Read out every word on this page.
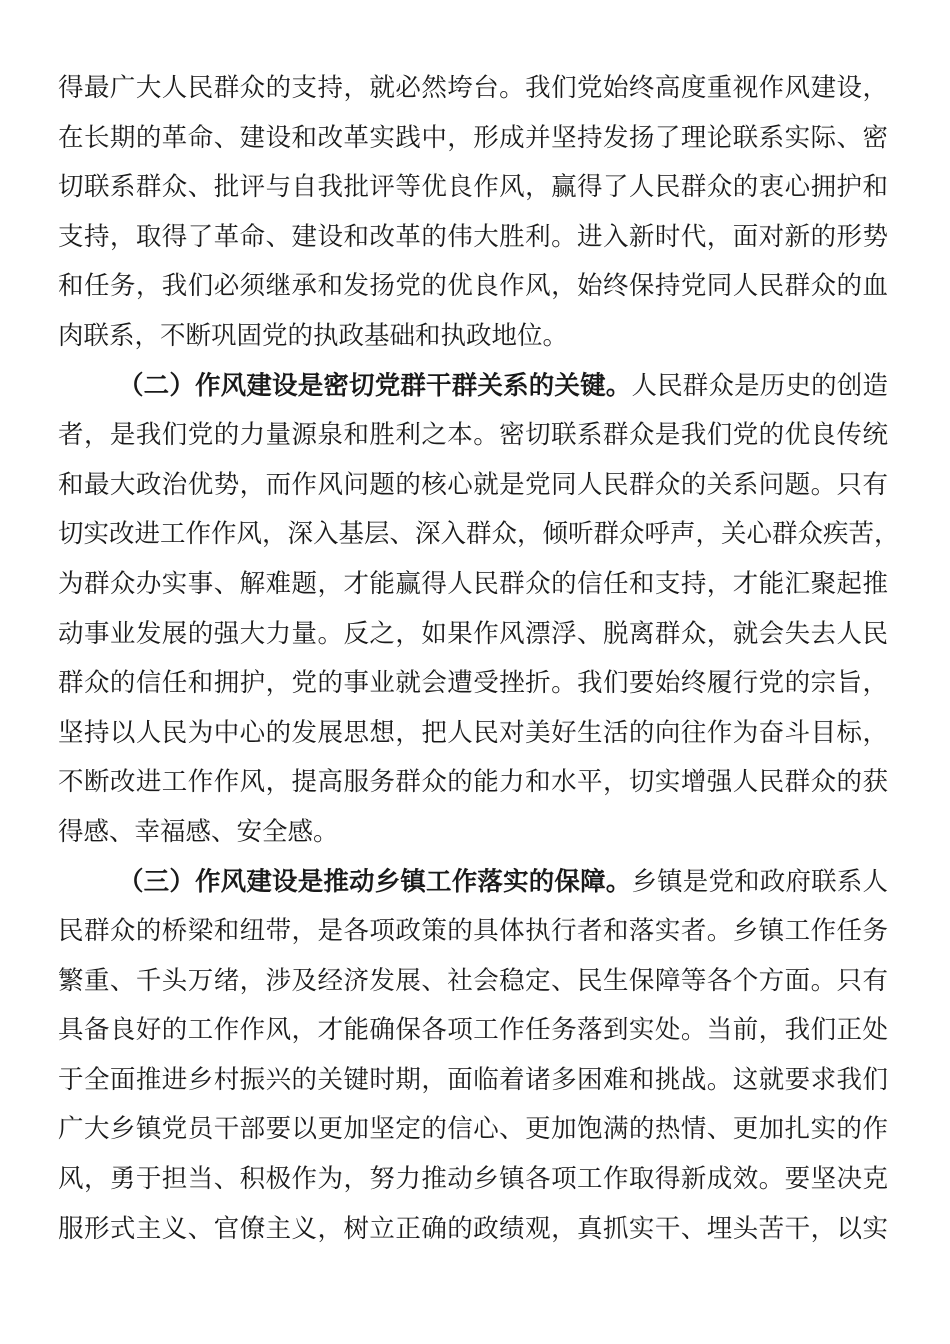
得最广大人民群众的支持，就必然垮台。我们党始终高度重视作风建设，
在长期的革命、建设和改革实践中，形成并坚持发扬了理论联系实际、密
切联系群众、批评与自我批评等优良作风，赢得了人民群众的衷心拥护和
支持，取得了革命、建设和改革的伟大胜利。进入新时代，面对新的形势
和任务，我们必须继承和发扬党的优良作风，始终保持党同人民群众的血
肉联系，不断巩固党的执政基础和执政地位。
（二）作风建设是密切党群干群关系的关键。人民群众是历史的创造
者，是我们党的力量源泉和胜利之本。密切联系群众是我们党的优良传统
和最大政治优势，而作风问题的核心就是党同人民群众的关系问题。只有
切实改进工作作风，深入基层、深入群众，倾听群众呼声，关心群众疾苦，
为群众办实事、解难题，才能赢得人民群众的信任和支持，才能汇聚起推
动事业发展的强大力量。反之，如果作风漂浮、脱离群众，就会失去人民
群众的信任和拥护，党的事业就会遭受挫折。我们要始终履行党的宗旨，
坚持以人民为中心的发展思想，把人民对美好生活的向往作为奋斗目标，
不断改进工作作风，提高服务群众的能力和水平，切实增强人民群众的获
得感、幸福感、安全感。
（三）作风建设是推动乡镇工作落实的保障。乡镇是党和政府联系人
民群众的桥梁和纽带，是各项政策的具体执行者和落实者。乡镇工作任务
繁重、千头万绪，涉及经济发展、社会稳定、民生保障等各个方面。只有
具备良好的工作作风，才能确保各项工作任务落到实处。当前，我们正处
于全面推进乡村振兴的关键时期，面临着诸多困难和挑战。这就要求我们
广大乡镇党员干部要以更加坚定的信心、更加饱满的热情、更加扎实的作
风，勇于担当、积极作为，努力推动乡镇各项工作取得新成效。要坚决克
服形式主义、官僚主义，树立正确的政绩观，真抓实干、埋头苦干，以实
